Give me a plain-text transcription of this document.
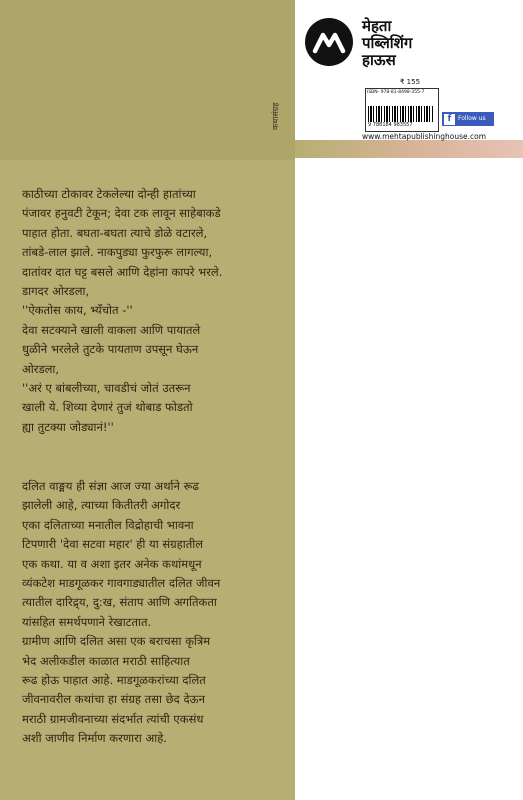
कथासंग्रह
मेहता
पब्लिशिंग
हाऊस
₹ 155
ISBN- 978-81-8498-355-7
9 788184 983557
f	Follow us
www.mehtapublishinghouse.com
काठीच्या टोकावर टेकलेल्या दोन्ही हातांच्या
पंजावर हनुवटी टेकून; देवा टक लावून साहेबाकडे
पाहात होता. बघता-बघता त्याचे डोळे वटारले,
तांबडे-लाल झाले. नाकपुड्या फुरफुरू लागल्या,
दातांवर दात घट्ट बसले आणि देहांना कापरे भरले.
डागदर ओरडला,
''ऐकतोस काय, भ्यँचोत -''
देवा सटक्याने खाली वाकला आणि पायातले
धुळीने भरलेले तुटके पायताण उपसून घेऊन
ओरडला,
''अरं ए बांबलीच्या, चावडीचं जोतं उतरून
खाली ये. शिव्या देणारं तुजं थोबाड फोडतो
ह्या तुटक्या जोड्यानं!''
दलित वाङ्मय ही संज्ञा आज ज्या अर्थाने रूढ
झालेली आहे, त्याच्या कितीतरी अगोदर
एका दलिताच्या मनातील विद्रोहाची भावना
टिपणारी 'देवा सटवा महार' ही या संग्रहातील
एक कथा. या व अशा इतर अनेक कथांमधून
व्यंकटेश माडगूळकर गावगाड्यातील दलित जीवन
त्यातील दारिद्र्य, दु:ख, संताप आणि अगतिकता
यांसहित समर्थपणाने रेखाटतात.
ग्रामीण आणि दलित असा एक बराचसा कृत्रिम
भेद अलीकडील काळात मराठी साहित्यात
रूढ होऊ पाहात आहे. माडगूळकरांच्या दलित
जीवनावरील कथांचा हा संग्रह तसा छेद देऊन
मराठी ग्रामजीवनाच्या संदर्भात त्यांची एकसंध
अशी जाणीव निर्माण करणारा आहे.
